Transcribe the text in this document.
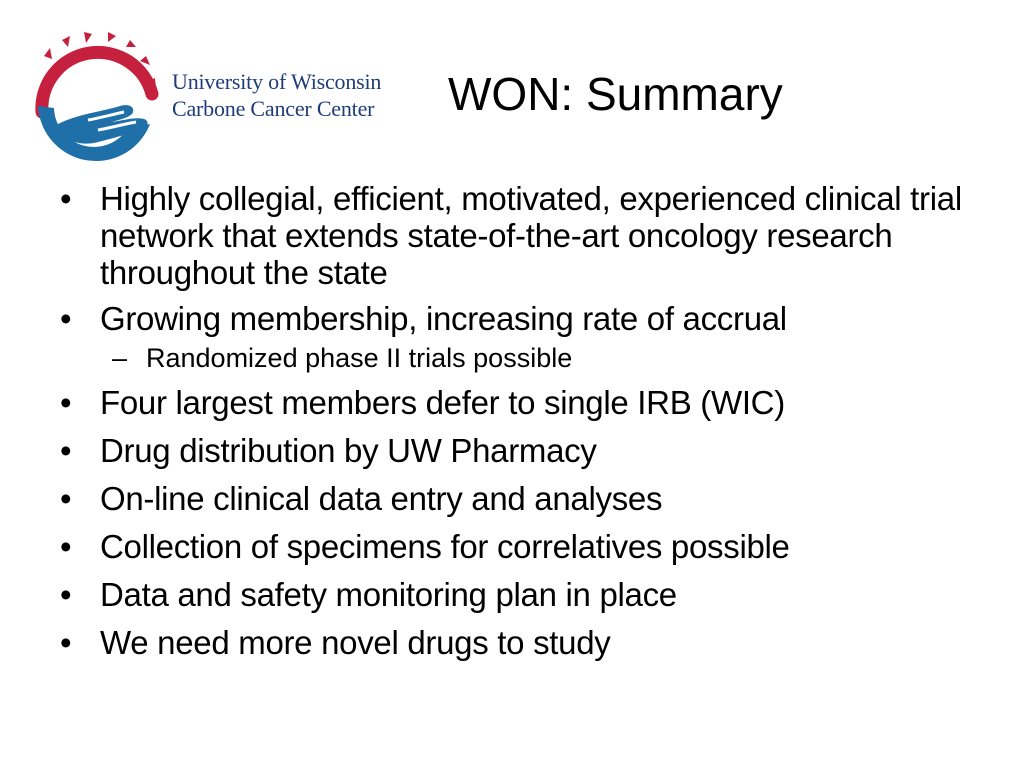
University of Wisconsin
Carbone Cancer Center WON: Summary
• Highly collegial, efficient, motivated, experienced clinical trial network that extends state-of-the-art oncology research throughout the state
• Growing membership, increasing rate of accrual
– Randomized phase II trials possible
• Four largest members defer to single IRB (WIC)
• Drug distribution by UW Pharmacy
• On-line clinical data entry and analyses
• Collection of specimens for correlatives possible
• Data and safety monitoring plan in place
• We need more novel drugs to study
